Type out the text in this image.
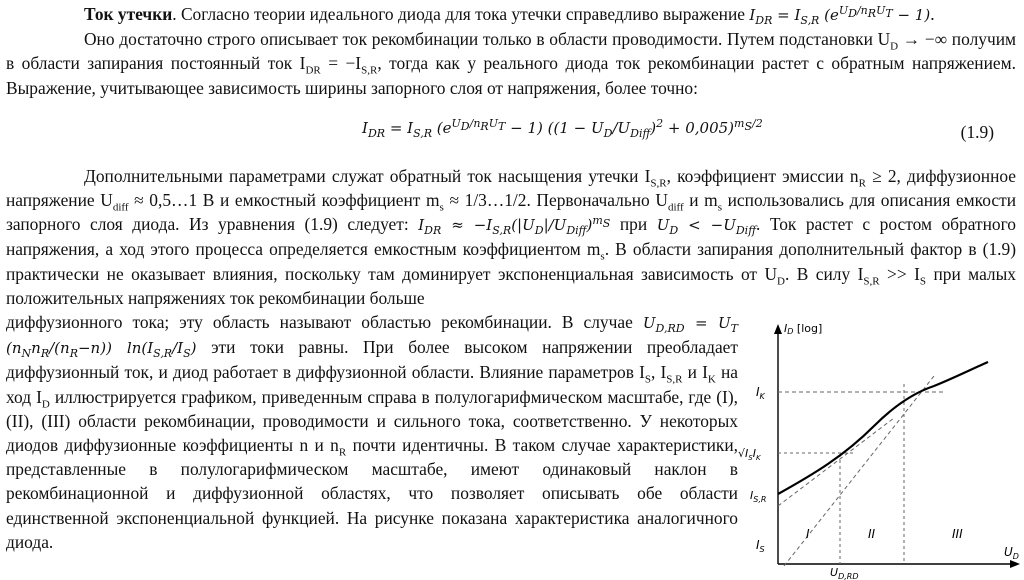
Ток утечки. Согласно теории идеального диода для тока утечки справедливо выражение $I_{DR} = I_{S,R}$ $(e^{U_D/n_RU_T} - 1)$.

Оно достаточно строго описывает ток рекомбинации только в области проводимости. Путем подстановки $U_D$ → −∞ получим в области запирания постоянный ток $I_{DR} = -I_{S,R}$, тогда как у реального диода ток рекомбинации растет с обратным напряжением. Выражение, учитывающее зависимость ширины запорного слоя от напряжения, более точно:

$I_{DR} = I_{S,R}$ $(e^{U_D/n_RU_T} - 1) ((1 - U_D/U_{Diff})^2 + 0,005)^{m_S/2}$	(1.9)

Дополнительными параметрами служат обратный ток насыщения утечки $I_{S,R}$, коэффициент эмиссии $n_R \ge 2$, диффузионное напряжение $U_{diff}$ ≈ 0,5…1 В и емкостный коэффициент $m_s$ ≈ 1/3…1/2. Первоначально $U_{diff}$ и $m_s$ использовались для описания емкости запорного слоя диода. Из уравнения (1.9) следует: $I_{DR} \approx -I_{S,R}(|U_D|/U_{Diff})^{m_S}$ при $U_D < -U_{Diff}$. Ток растет с ростом обратного напряжения, а ход этого процесса определяется емкостным коэффициентом $m_s$. В области запирания дополнительный фактор в (1.9) практически не оказывает влияния, поскольку там доминирует экспоненциальная зависимость от $U_D$. В силу $I_{S,R} >> I_S$ при малых положительных напряжениях ток рекомбинации больше

диффузионного тока; эту область называют областью рекомбинации. В случае $U_{D,RD} = U_T$ $(n_Nn_R/(n_R-n))$ $\ln(I_{S,R}/I_S)$ эти токи равны. При более высоком напряжении преобладает диффузионный ток, и диод работает в диффузионной области. Влияние параметров $I_S$, $I_{S,R}$ и $I_K$ на ход $I_D$ иллюстрируется графиком, приведенным справа в полулогарифмическом масштабе, где (I), (II), (III) области рекомбинации, проводимости и сильного тока, соответственно. У некоторых диодов диффузионные коэффициенты n и $n_R$ почти идентичны. В таком случае характеристики, представленные в полулогарифмическом масштабе, имеют одинаковый наклон в рекомбинационной и диффузионной областях, что позволяет описывать обе области единственной экспоненциальной функцией. На рисунке показана характеристика аналогичного диода.

ID [log]
$U_D$
$I_K$
$√I_SI_K$
$I_{S,R}$
$I_S$
I	II	III
$U_{D,RD}$
